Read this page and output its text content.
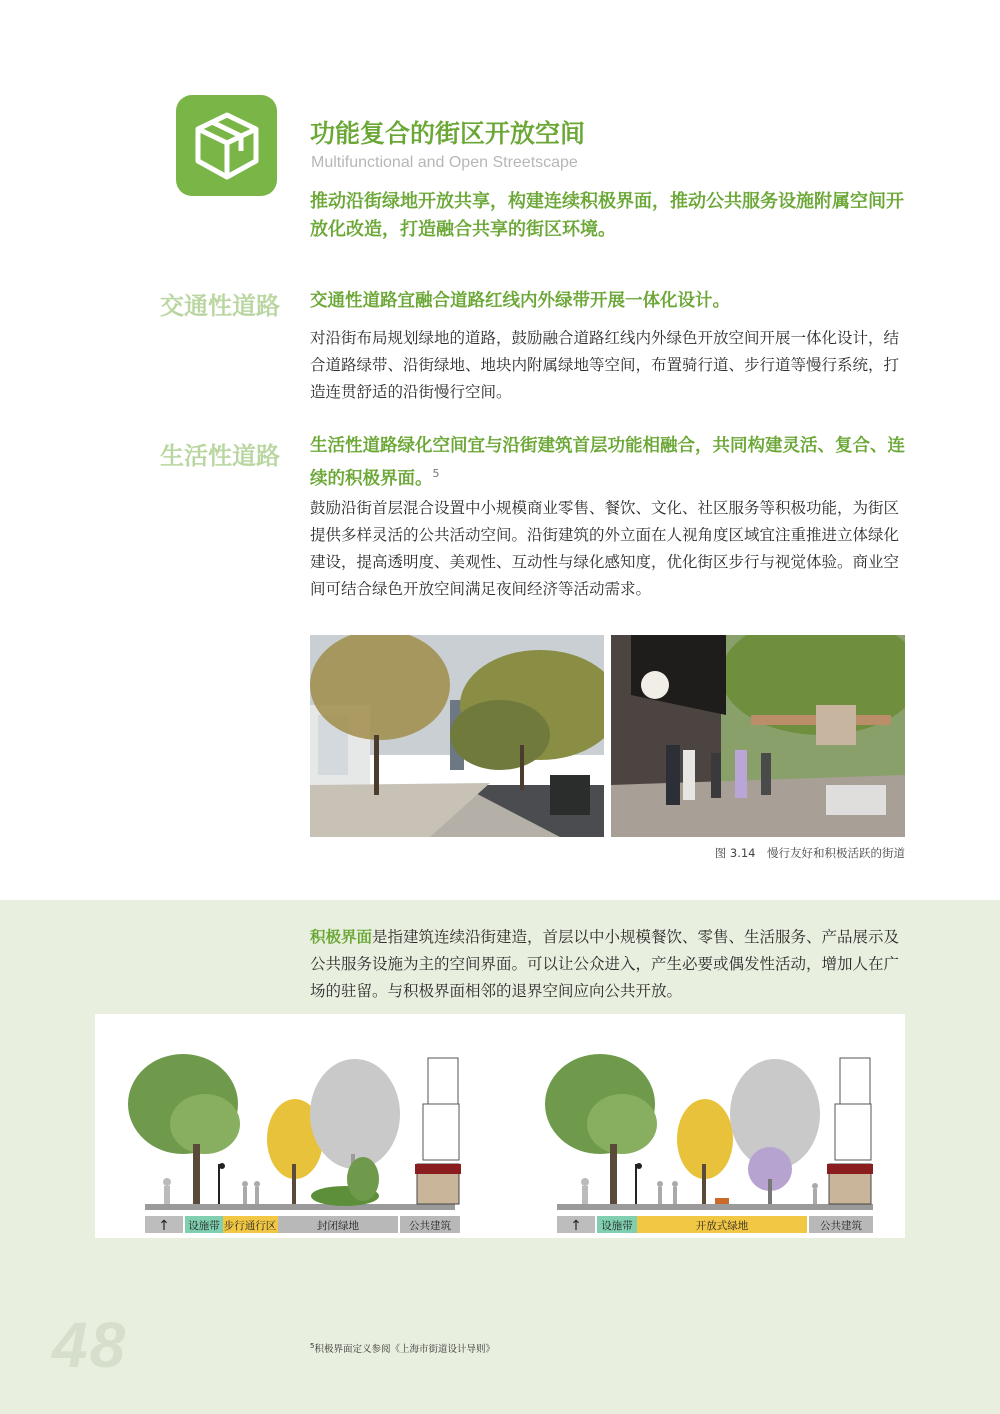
功能复合的街区开放空间
Multifunctional and Open Streetscape
推动沿街绿地开放共享，构建连续积极界面，推动公共服务设施附属空间开放化改造，打造融合共享的街区环境。
交通性道路 交通性道路宜融合道路红线内外绿带开展一体化设计。
对沿街布局规划绿地的道路，鼓励融合道路红线内外绿色开放空间开展一体化设计，结合道路绿带、沿街绿地、地块内附属绿地等空间，布置骑行道、步行道等慢行系统，打造连贯舒适的沿街慢行空间。
生活性道路 生活性道路绿化空间宜与沿街建筑首层功能相融合，共同构建灵活、复合、连续的积极界面。$^5$
鼓励沿街首层混合设置中小规模商业零售、餐饮、文化、社区服务等积极功能，为街区提供多样灵活的公共活动空间。沿街建筑的外立面在人视角度区域宜注重推进立体绿化建设，提高透明度、美观性、互动性与绿化感知度，优化街区步行与视觉体验。商业空间可结合绿色开放空间满足夜间经济等活动需求。
图 3.14　慢行友好和积极活跃的街道
积极界面是指建筑连续沿街建造，首层以中小规模餐饮、零售、生活服务、产品展示及公共服务设施为主的空间界面。可以让公众进入，产生必要或偶发性活动，增加人在广场的驻留。与积极界面相邻的退界空间应向公共开放。
↑ 设施带 步行通行区	封闭绿地	公共建筑	↑ 设施带	开放式绿地	公共建筑
48	$^5$积极界面定义参阅《上海市街道设计导则》
